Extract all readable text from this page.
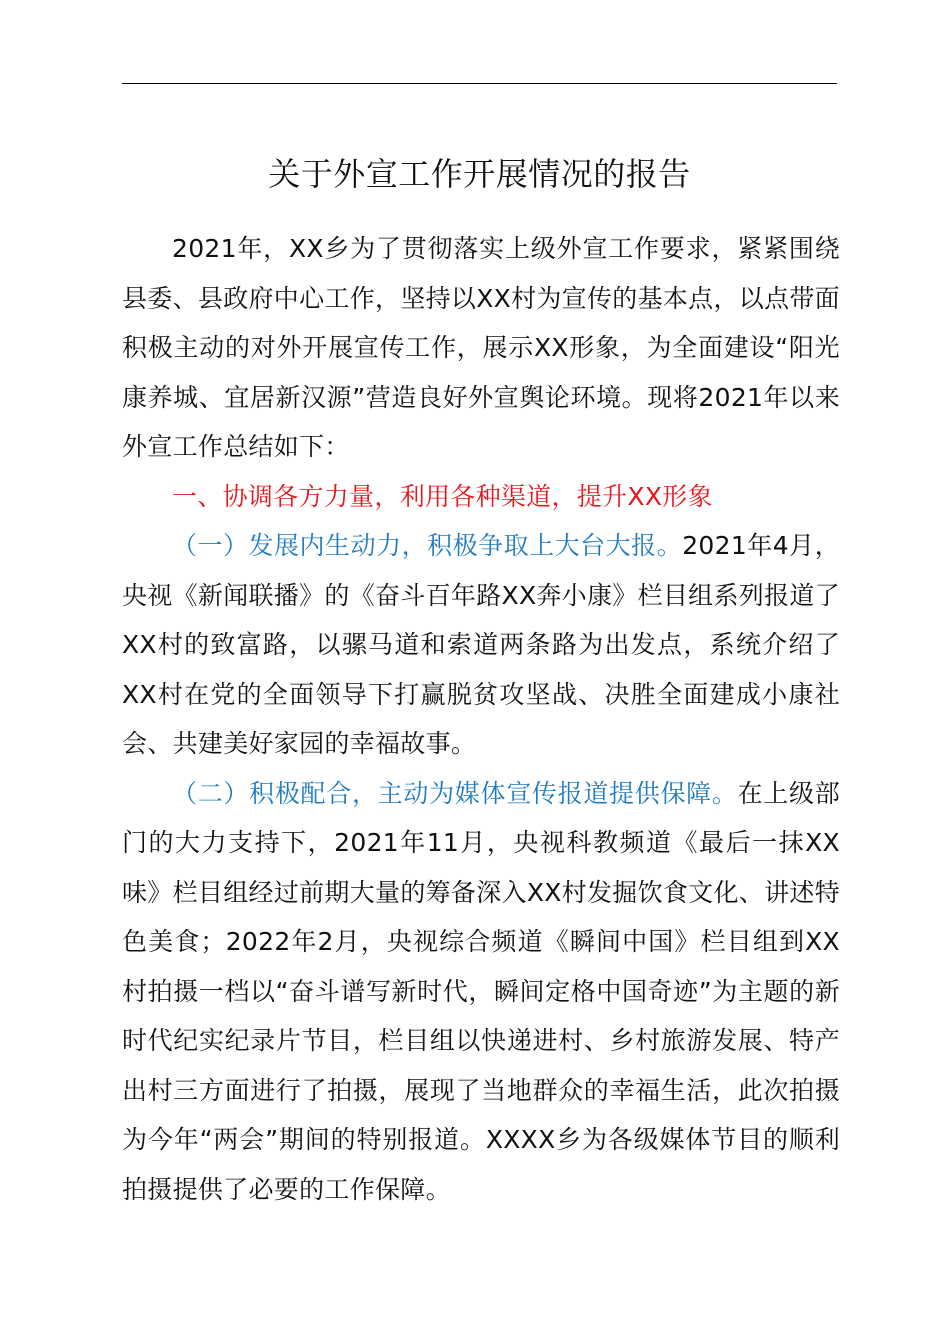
关于外宣工作开展情况的报告

2021年，XX乡为了贯彻落实上级外宣工作要求，紧紧围绕县委、县政府中心工作，坚持以XX村为宣传的基本点，以点带面积极主动的对外开展宣传工作，展示XX形象，为全面建设“阳光康养城、宜居新汉源”营造良好外宣舆论环境。现将2021年以来外宣工作总结如下：

一、协调各方力量，利用各种渠道，提升XX形象

（一）发展内生动力，积极争取上大台大报。2021年4月，央视《新闻联播》的《奋斗百年路XX奔小康》栏目组系列报道了XX村的致富路，以骡马道和索道两条路为出发点，系统介绍了XX村在党的全面领导下打赢脱贫攻坚战、决胜全面建成小康社会、共建美好家园的幸福故事。

（二）积极配合，主动为媒体宣传报道提供保障。在上级部门的大力支持下，2021年11月，央视科教频道《最后一抹XX味》栏目组经过前期大量的筹备深入XX村发掘饮食文化、讲述特色美食；2022年2月，央视综合频道《瞬间中国》栏目组到XX村拍摄一档以“奋斗谱写新时代，瞬间定格中国奇迹”为主题的新时代纪实纪录片节目，栏目组以快递进村、乡村旅游发展、特产出村三方面进行了拍摄，展现了当地群众的幸福生活，此次拍摄为今年“两会”期间的特别报道。XXXX乡为各级媒体节目的顺利拍摄提供了必要的工作保障。
